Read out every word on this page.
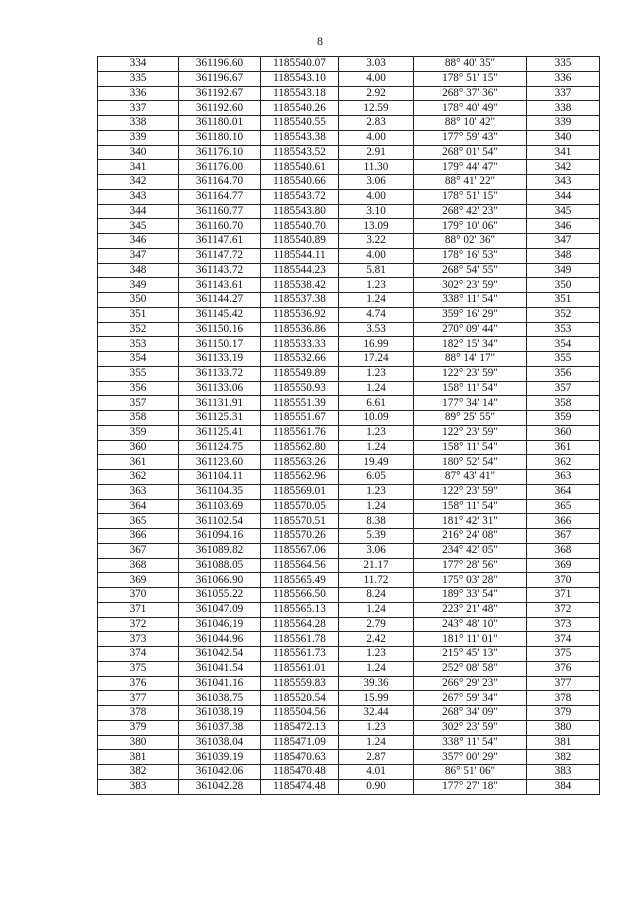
8
334	361196.60	1185540.07	3.03	88° 40' 35"	335
335	361196.67	1185543.10	4.00	178° 51' 15"	336
336	361192.67	1185543.18	2.92	268° 37' 36"	337
337	361192.60	1185540.26	12.59	178° 40' 49"	338
338	361180.01	1185540.55	2.83	88° 10' 42"	339
339	361180.10	1185543.38	4.00	177° 59' 43"	340
340	361176.10	1185543.52	2.91	268° 01' 54"	341
341	361176.00	1185540.61	11.30	179° 44' 47"	342
342	361164.70	1185540.66	3.06	88° 41' 22"	343
343	361164.77	1185543.72	4.00	178° 51' 15"	344
344	361160.77	1185543.80	3.10	268° 42' 23"	345
345	361160.70	1185540.70	13.09	179° 10' 06"	346
346	361147.61	1185540.89	3.22	88° 02' 36"	347
347	361147.72	1185544.11	4.00	178° 16' 53"	348
348	361143.72	1185544.23	5.81	268° 54' 55"	349
349	361143.61	1185538.42	1.23	302° 23' 59"	350
350	361144.27	1185537.38	1.24	338° 11' 54"	351
351	361145.42	1185536.92	4.74	359° 16' 29"	352
352	361150.16	1185536.86	3.53	270° 09' 44"	353
353	361150.17	1185533.33	16.99	182° 15' 34"	354
354	361133.19	1185532.66	17.24	88° 14' 17"	355
355	361133.72	1185549.89	1.23	122° 23' 59"	356
356	361133.06	1185550.93	1.24	158° 11' 54"	357
357	361131.91	1185551.39	6.61	177° 34' 14"	358
358	361125.31	1185551.67	10.09	89° 25' 55"	359
359	361125.41	1185561.76	1.23	122° 23' 59"	360
360	361124.75	1185562.80	1.24	158° 11' 54"	361
361	361123.60	1185563.26	19.49	180° 52' 54"	362
362	361104.11	1185562.96	6.05	87° 43' 41"	363
363	361104.35	1185569.01	1.23	122° 23' 59"	364
364	361103.69	1185570.05	1.24	158° 11' 54"	365
365	361102.54	1185570.51	8.38	181° 42' 31"	366
366	361094.16	1185570.26	5.39	216° 24' 08"	367
367	361089.82	1185567.06	3.06	234° 42' 05"	368
368	361088.05	1185564.56	21.17	177° 28' 56"	369
369	361066.90	1185565.49	11.72	175° 03' 28"	370
370	361055.22	1185566.50	8.24	189° 33' 54"	371
371	361047.09	1185565.13	1.24	223° 21' 48"	372
372	361046.19	1185564.28	2.79	243° 48' 10"	373
373	361044.96	1185561.78	2.42	181° 11' 01"	374
374	361042.54	1185561.73	1.23	215° 45' 13"	375
375	361041.54	1185561.01	1.24	252° 08' 58"	376
376	361041.16	1185559.83	39.36	266° 29' 23"	377
377	361038.75	1185520.54	15.99	267° 59' 34"	378
378	361038.19	1185504.56	32.44	268° 34' 09"	379
379	361037.38	1185472.13	1.23	302° 23' 59"	380
380	361038.04	1185471.09	1.24	338° 11' 54"	381
381	361039.19	1185470.63	2.87	357° 00' 29"	382
382	361042.06	1185470.48	4.01	86° 51' 06"	383
383	361042.28	1185474.48	0.90	177° 27' 18"	384
